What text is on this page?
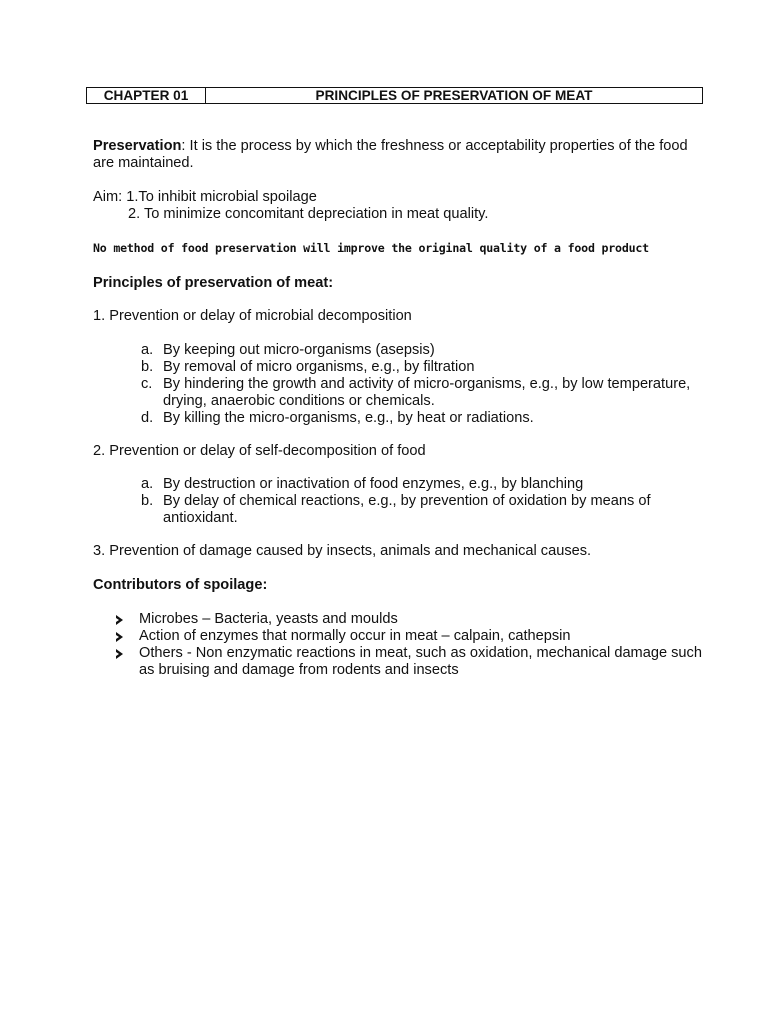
CHAPTER 01	PRINCIPLES OF PRESERVATION OF MEAT
Preservation: It is the process by which the freshness or acceptability properties of the food are maintained.
Aim: 1.To inhibit microbial spoilage
2. To minimize concomitant depreciation in meat quality.
No method of food preservation will improve the original quality of a food product
Principles of preservation of meat:
1. Prevention or delay of microbial decomposition
a. By keeping out micro-organisms (asepsis)
b. By removal of micro organisms, e.g., by filtration
c. By hindering the growth and activity of micro-organisms, e.g., by low temperature, drying, anaerobic conditions or chemicals.
d. By killing the micro-organisms, e.g., by heat or radiations.
2. Prevention or delay of self-decomposition of food
a. By destruction or inactivation of food enzymes, e.g., by blanching
b. By delay of chemical reactions, e.g., by prevention of oxidation by means of antioxidant.
3. Prevention of damage caused by insects, animals and mechanical causes.
Contributors of spoilage:
Microbes – Bacteria, yeasts and moulds
Action of enzymes that normally occur in meat – calpain, cathepsin
Others - Non enzymatic reactions in meat, such as oxidation, mechanical damage such as bruising and damage from rodents and insects
